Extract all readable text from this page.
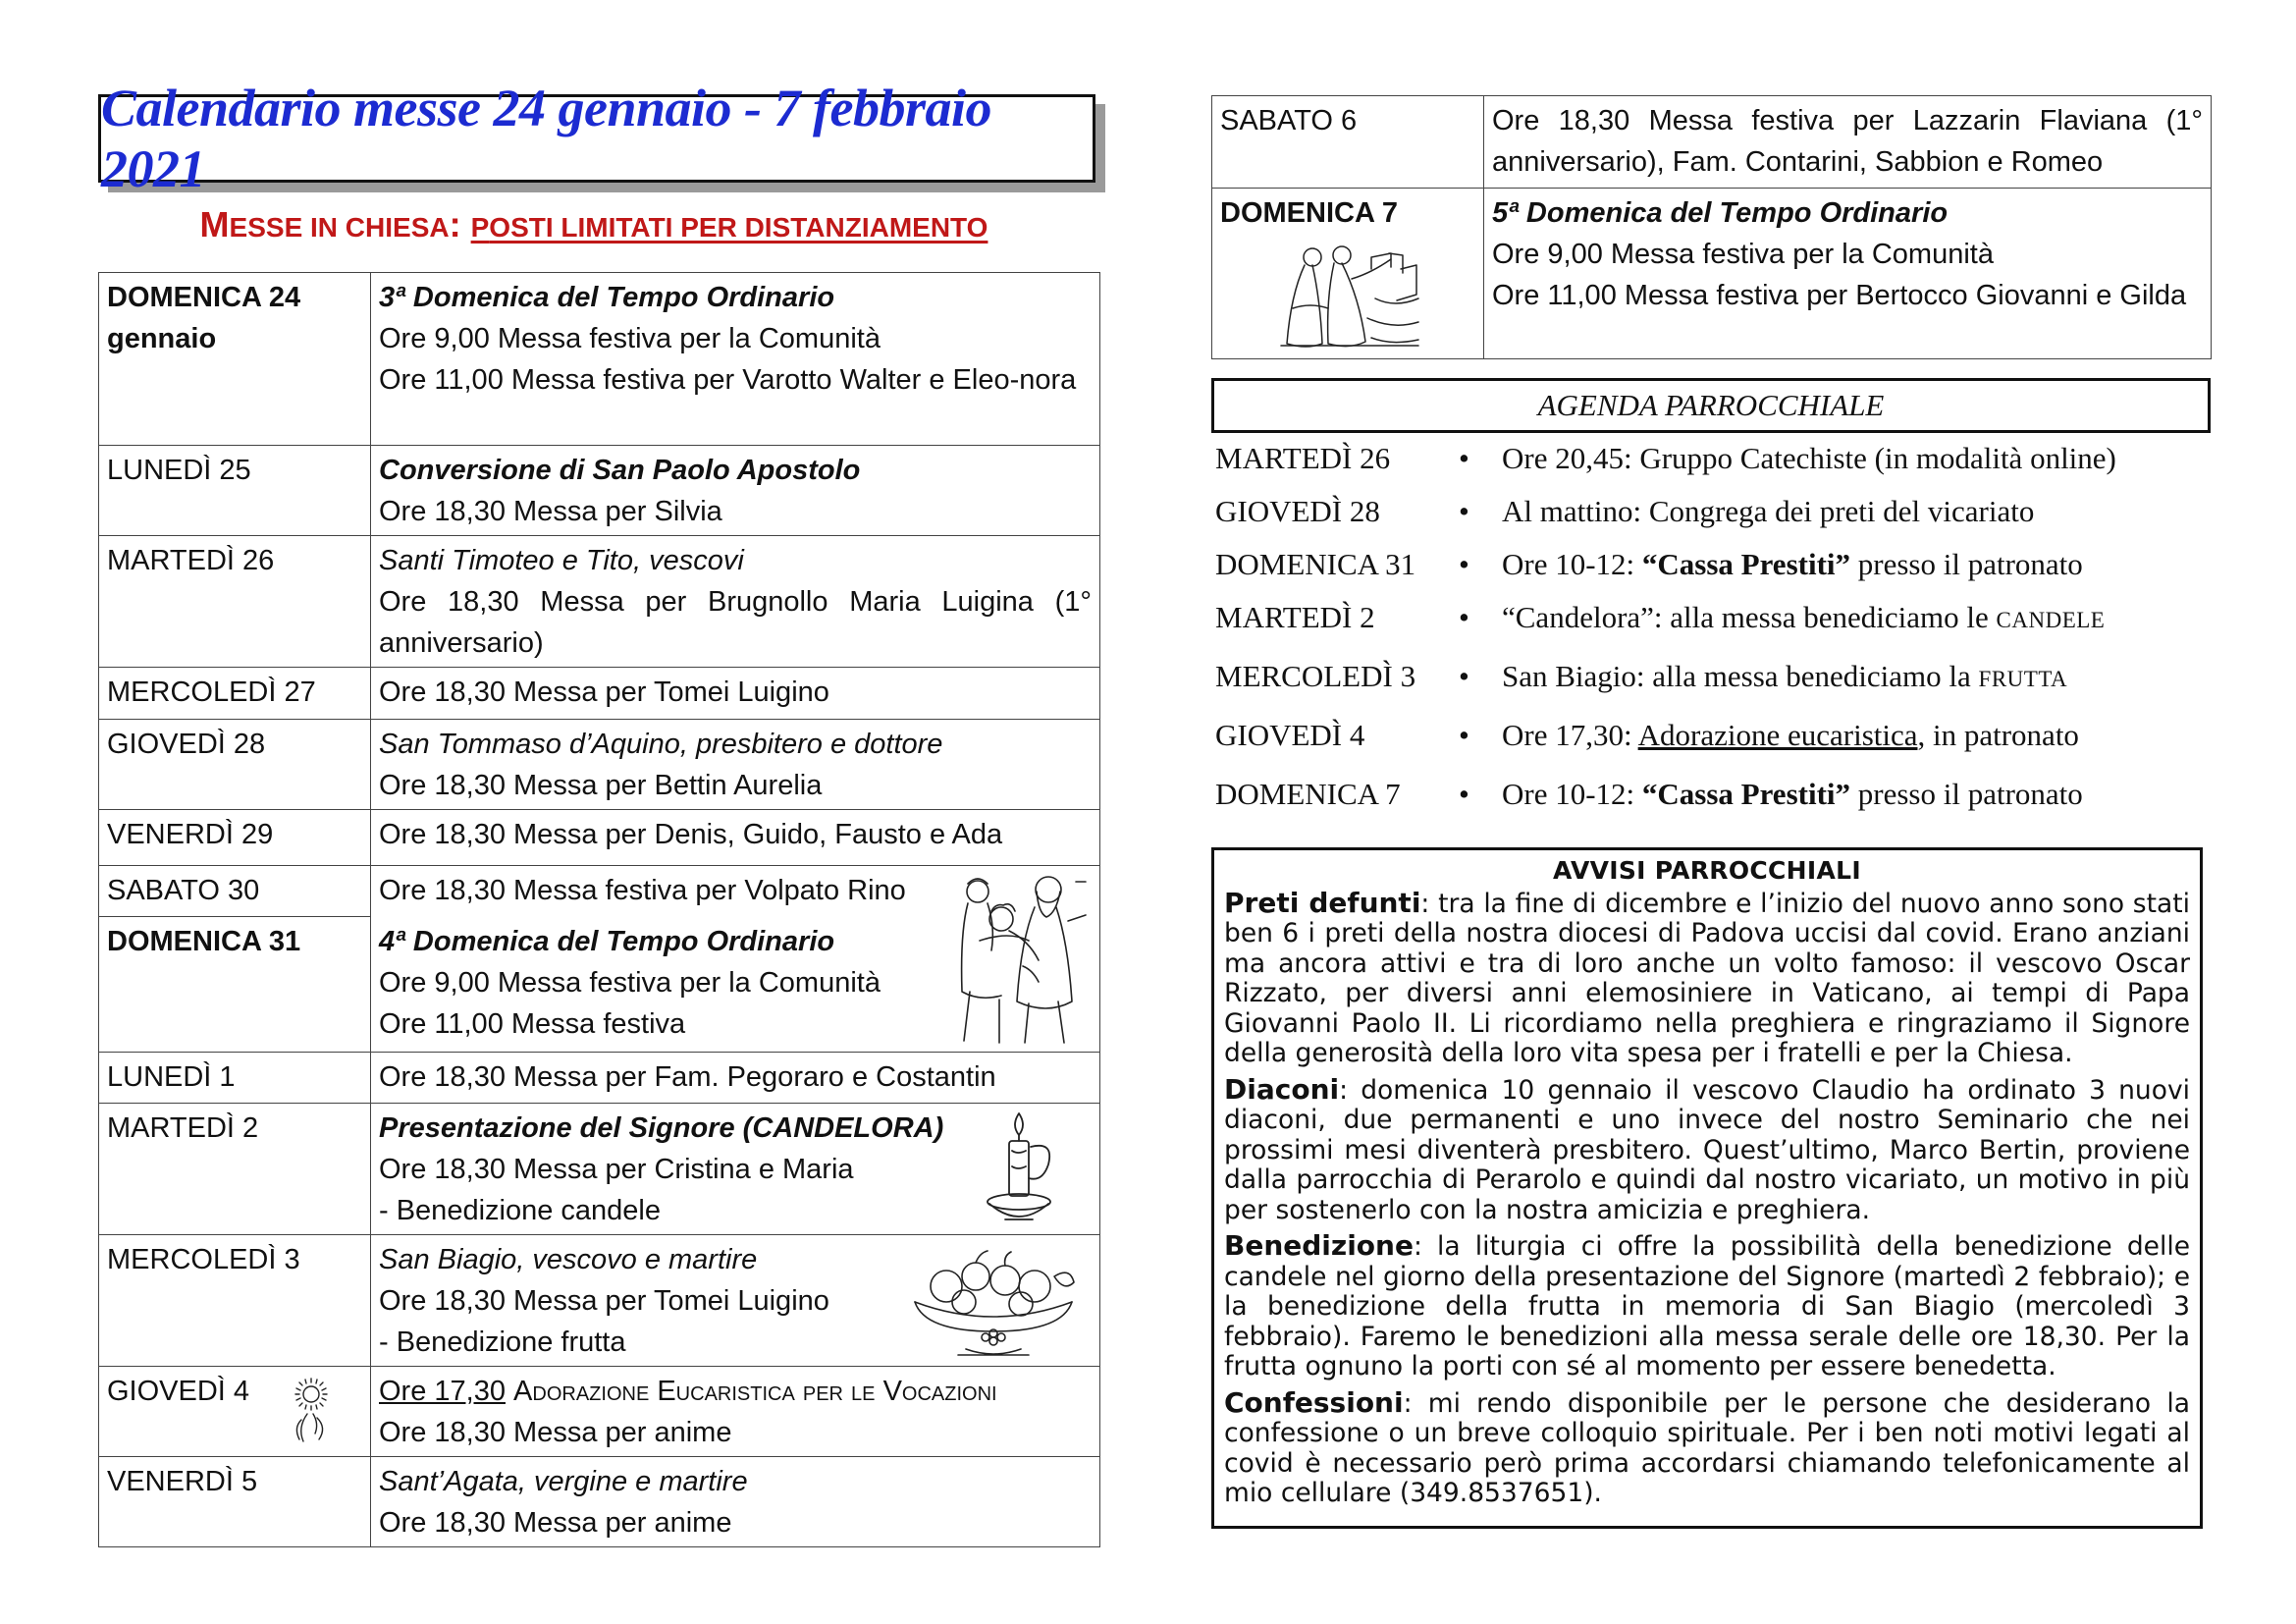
Calendario messe 24 gennaio - 7 febbraio 2021
MESSE IN CHIESA: POSTI LIMITATI PER DISTANZIAMENTO
DOMENICA 24 gennaio	3ª Domenica del Tempo Ordinario
Ore 9,00 Messa festiva per la Comunità
Ore 11,00 Messa festiva per Varotto Walter e Eleo-nora

LUNEDÌ 25	Conversione di San Paolo Apostolo
Ore 18,30 Messa per Silvia

MARTEDÌ 26	Santi Timoteo e Tito, vescovi
Ore 18,30 Messa per Brugnollo Maria Luigina (1° anniversario)

MERCOLEDÌ 27	Ore 18,30 Messa per Tomei Luigino

GIOVEDÌ 28	San Tommaso d’Aquino, presbitero e dottore
Ore 18,30 Messa per Bettin Aurelia

VENERDÌ 29	Ore 18,30 Messa per Denis, Guido, Fausto e Ada

SABATO 30	Ore 18,30 Messa festiva per Volpato Rino

DOMENICA 31	4ª Domenica del Tempo Ordinario
Ore 9,00 Messa festiva per la Comunità
Ore 11,00 Messa festiva

LUNEDÌ 1	Ore 18,30 Messa per Fam. Pegoraro e Costantin

MARTEDÌ 2	Presentazione del Signore (CANDELORA)
Ore 18,30 Messa per Cristina e Maria
- Benedizione candele

MERCOLEDÌ 3	San Biagio, vescovo e martire
Ore 18,30 Messa per Tomei Luigino
- Benedizione frutta

GIOVEDÌ 4	Ore 17,30 Adorazione Eucaristica per le Vocazioni
Ore 18,30 Messa per anime

VENERDÌ 5	Sant’Agata, vergine e martire
Ore 18,30 Messa per anime
SABATO 6	Ore 18,30 Messa festiva per Lazzarin Flaviana (1° anniversario), Fam. Contarini, Sabbion e Romeo

DOMENICA 7	5ª Domenica del Tempo Ordinario
Ore 9,00 Messa festiva per la Comunità
Ore 11,00 Messa festiva per Bertocco Giovanni e Gilda
AGENDA PARROCCHIALE
MARTEDÌ 26 • Ore 20,45: Gruppo Catechiste (in modalità online)
GIOVEDÌ 28	• Al mattino: Congrega dei preti del vicariato
DOMENICA 31 • Ore 10-12: “Cassa Prestiti” presso il patronato
MARTEDÌ 2	• “Candelora”: alla messa benediciamo le CANDELE
MERCOLEDÌ 3 • San Biagio: alla messa benediciamo la FRUTTA
GIOVEDÌ 4	• Ore 17,30: Adorazione eucaristica, in patronato
DOMENICA 7 • Ore 10-12: “Cassa Prestiti” presso il patronato
AVVISI PARROCCHIALI

Preti defunti: tra la fine di dicembre e l’inizio del nuovo anno sono stati ben 6 i preti della nostra diocesi di Padova uccisi dal covid. Erano anziani ma ancora attivi e tra di loro anche un volto famoso: il vescovo Oscar Rizzato, per diversi anni elemosiniere in Vaticano, ai tempi di Papa Giovanni Paolo II. Li ricordiamo nella preghiera e ringraziamo il Signore della generosità della loro vita spesa per i fratelli e per la Chiesa.

Diaconi: domenica 10 gennaio il vescovo Claudio ha ordinato 3 nuovi diaconi, due permanenti e uno invece del nostro Seminario che nei prossimi mesi diventerà presbitero. Quest’ultimo, Marco Bertin, proviene dalla parrocchia di Perarolo e quindi dal nostro vicariato, un motivo in più per sostenerlo con la nostra amicizia e preghiera.

Benedizione: la liturgia ci offre la possibilità della benedizione delle candele nel giorno della presentazione del Signore (martedì 2 febbraio); e la benedizione della frutta in memoria di San Biagio (mercoledì 3 febbraio). Faremo le benedizioni alla messa serale delle ore 18,30. Per la frutta ognuno la porti con sé al momento per essere benedetta.

Confessioni: mi rendo disponibile per le persone che desiderano la confessione o un breve colloquio spirituale. Per i ben noti motivi legati al covid è necessario però prima accordarsi chiamando telefonicamente al mio cellulare (349.8537651).
